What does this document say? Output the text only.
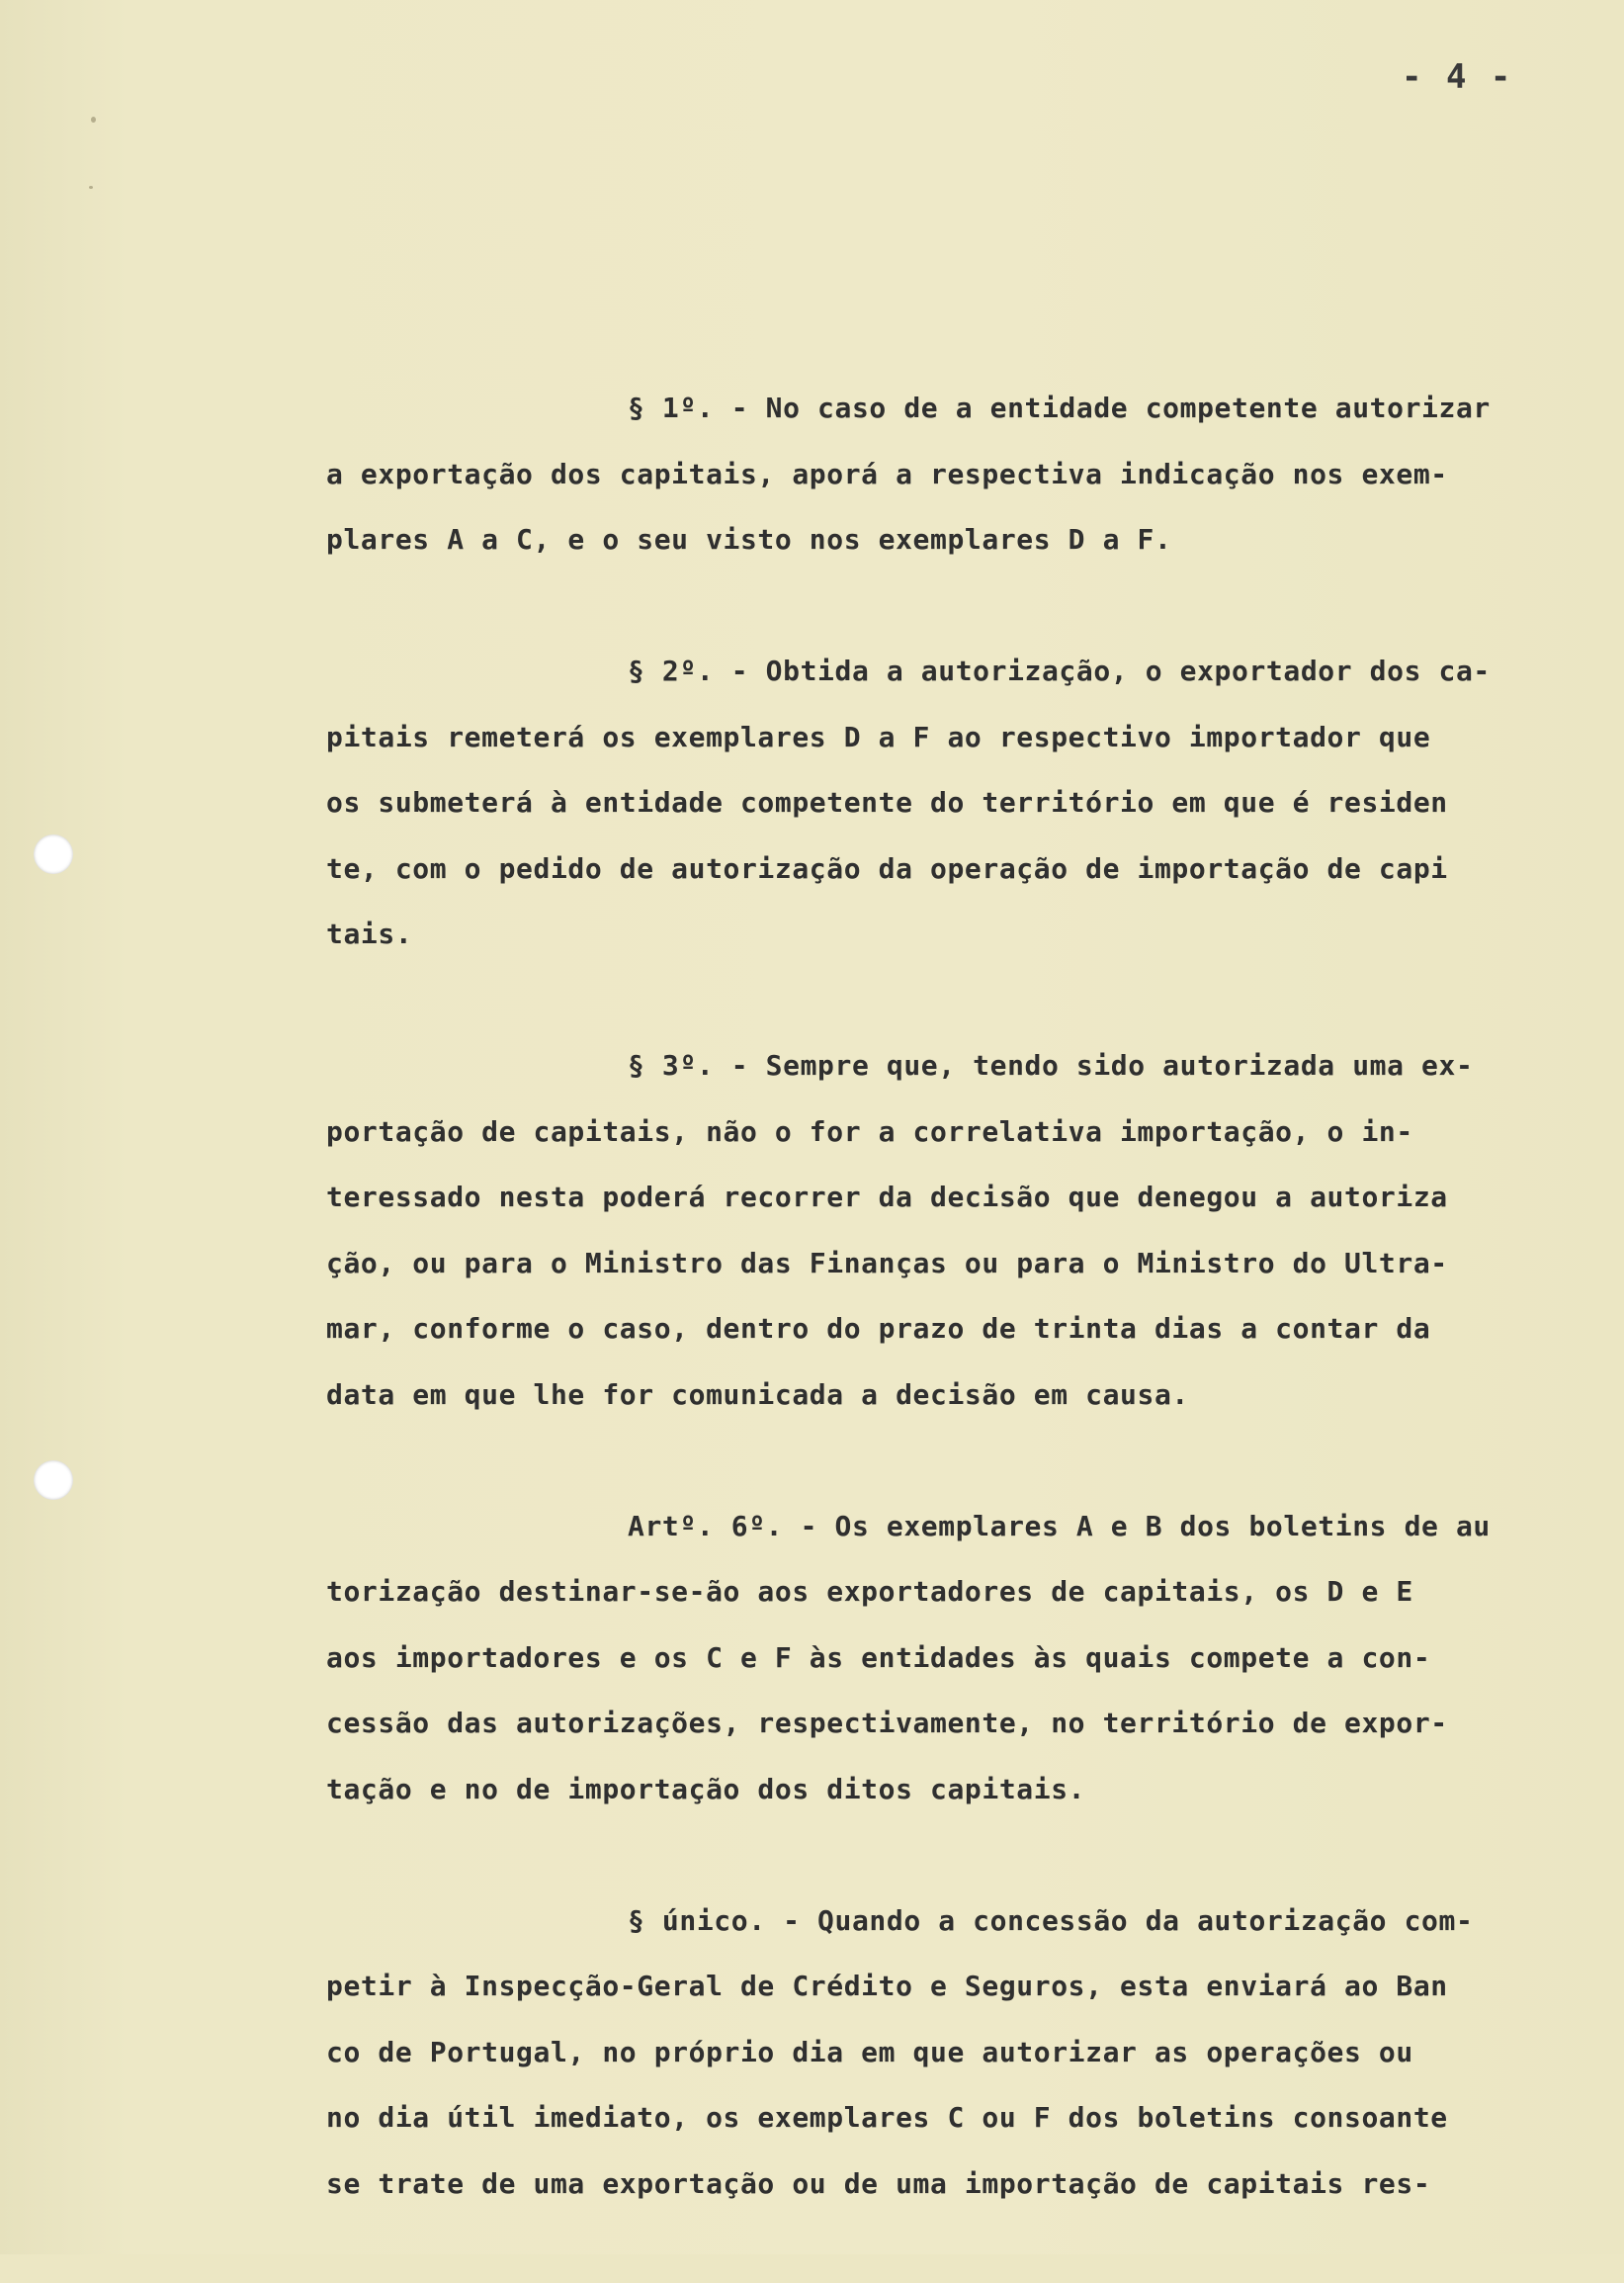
- 4 -
§ 1º. - No caso de a entidade competente autorizar
a exportação dos capitais, aporá a respectiva indicação nos exem-
plares A a C, e o seu visto nos exemplares D a F.
§ 2º. - Obtida a autorização, o exportador dos ca-
pitais remeterá os exemplares D a F ao respectivo importador que
os submeterá à entidade competente do território em que é residen
te, com o pedido de autorização da operação de importação de capi
tais.
§ 3º. - Sempre que, tendo sido autorizada uma ex-
portação de capitais, não o for a correlativa importação, o in-
teressado nesta poderá recorrer da decisão que denegou a autoriza
ção, ou para o Ministro das Finanças ou para o Ministro do Ultra-
mar, conforme o caso, dentro do prazo de trinta dias a contar da
data em que lhe for comunicada a decisão em causa.
Artº. 6º. - Os exemplares A e B dos boletins de au
torização destinar-se-ão aos exportadores de capitais, os D e E
aos importadores e os C e F às entidades às quais compete a con-
cessão das autorizações, respectivamente, no território de expor-
tação e no de importação dos ditos capitais.
§ único. - Quando a concessão da autorização com-
petir à Inspecção-Geral de Crédito e Seguros, esta enviará ao Ban
co de Portugal, no próprio dia em que autorizar as operações ou
no dia útil imediato, os exemplares C ou F dos boletins consoante
se trate de uma exportação ou de uma importação de capitais res-
